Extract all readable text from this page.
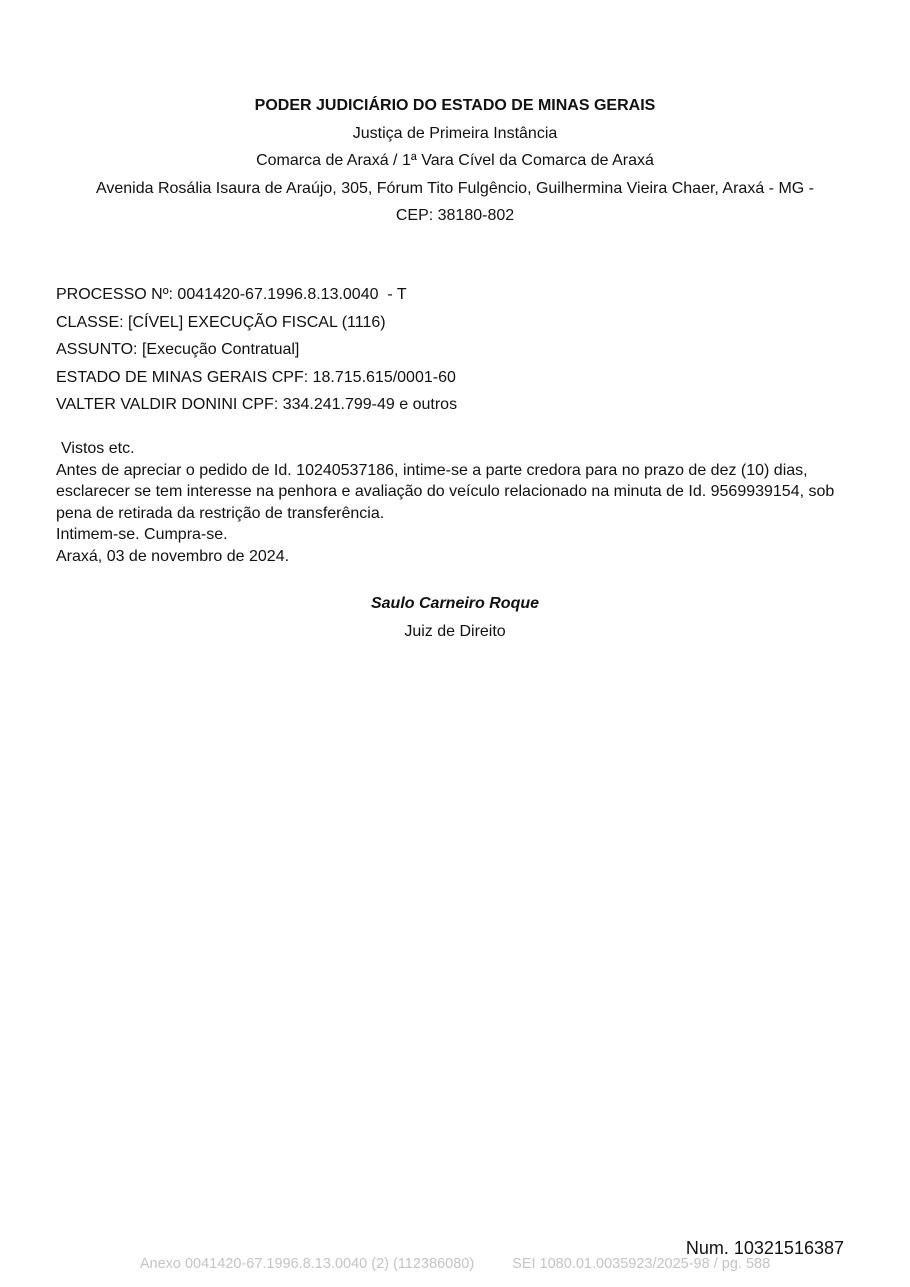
PODER JUDICIÁRIO DO ESTADO DE MINAS GERAIS
Justiça de Primeira Instância
Comarca de Araxá / 1ª Vara Cível da Comarca de Araxá
Avenida Rosália Isaura de Araújo, 305, Fórum Tito Fulgêncio, Guilhermina Vieira Chaer, Araxá - MG -
CEP: 38180-802
PROCESSO Nº: 0041420-67.1996.8.13.0040  - T
CLASSE: [CÍVEL] EXECUÇÃO FISCAL (1116)
ASSUNTO: [Execução Contratual]
ESTADO DE MINAS GERAIS CPF: 18.715.615/0001-60
VALTER VALDIR DONINI CPF: 334.241.799-49 e outros

Vistos etc.

Antes de apreciar o pedido de Id. 10240537186, intime-se a parte credora para no prazo de dez (10) dias, esclarecer se tem interesse na penhora e avaliação do veículo relacionado na minuta de Id. 9569939154, sob pena de retirada da restrição de transferência.

Intimem-se. Cumpra-se.

Araxá, 03 de novembro de 2024.

Saulo Carneiro Roque
Juiz de Direito
Num. 10321516387
Anexo 0041420-67.1996.8.13.0040 (2) (112386080)	SEI 1080.01.0035923/2025-98 / pg. 588
